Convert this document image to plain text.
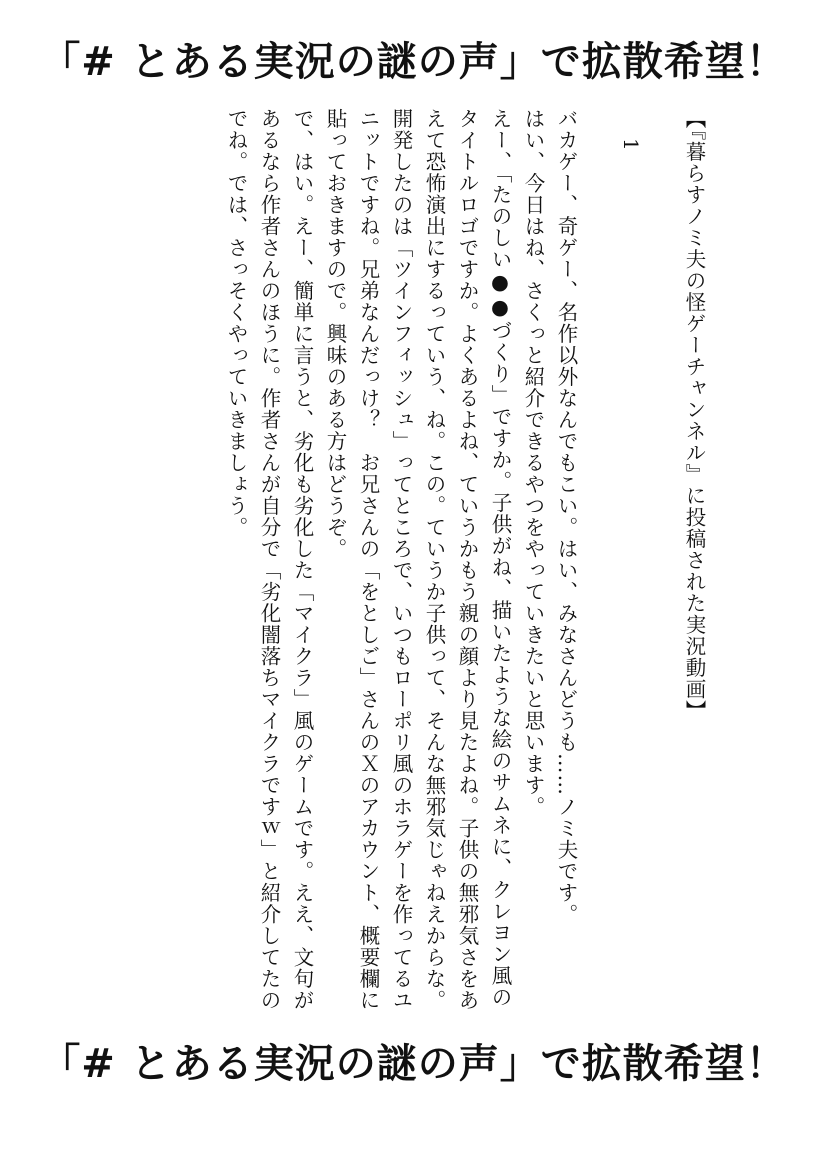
「# とある実況の謎の声」で拡散希望！

【『暮らすノミ夫の怪ゲーチャンネル』に投稿された実況動画】

1

バカゲー、奇ゲー、名作以外なんでもこい。はい、みなさんどうも……ノミ夫です。

はい、今日はね、さくっと紹介できるやつをやっていきたいと思います。

えー、「たのしい●●づくり」ですか。子供がね、描いたような絵のサムネに、クレヨン風のタイトルロゴですか。よくあるよね、ていうかもう親の顔より見たよね。子供の無邪気さをあえて恐怖演出にするっていう、ね。この。ていうか子供って、そんな無邪気じゃねえからな。

開発したのは「ツインフィッシュ」ってところで、いつもローポリ風のホラゲーを作ってるユニットですね。兄弟なんだっけ？　お兄さんの「をとしご」さんのＸのアカウント、概要欄に貼っておきますので。興味のある方はどうぞ。

で、はい。えー、簡単に言うと、劣化も劣化した「マイクラ」風のゲームです。ええ、文句があるなら作者さんのほうに。作者さんが自分で「劣化闇落ちマイクラですｗ」と紹介してたのでね。では、さっそくやっていきましょう。

「# とある実況の謎の声」で拡散希望！
